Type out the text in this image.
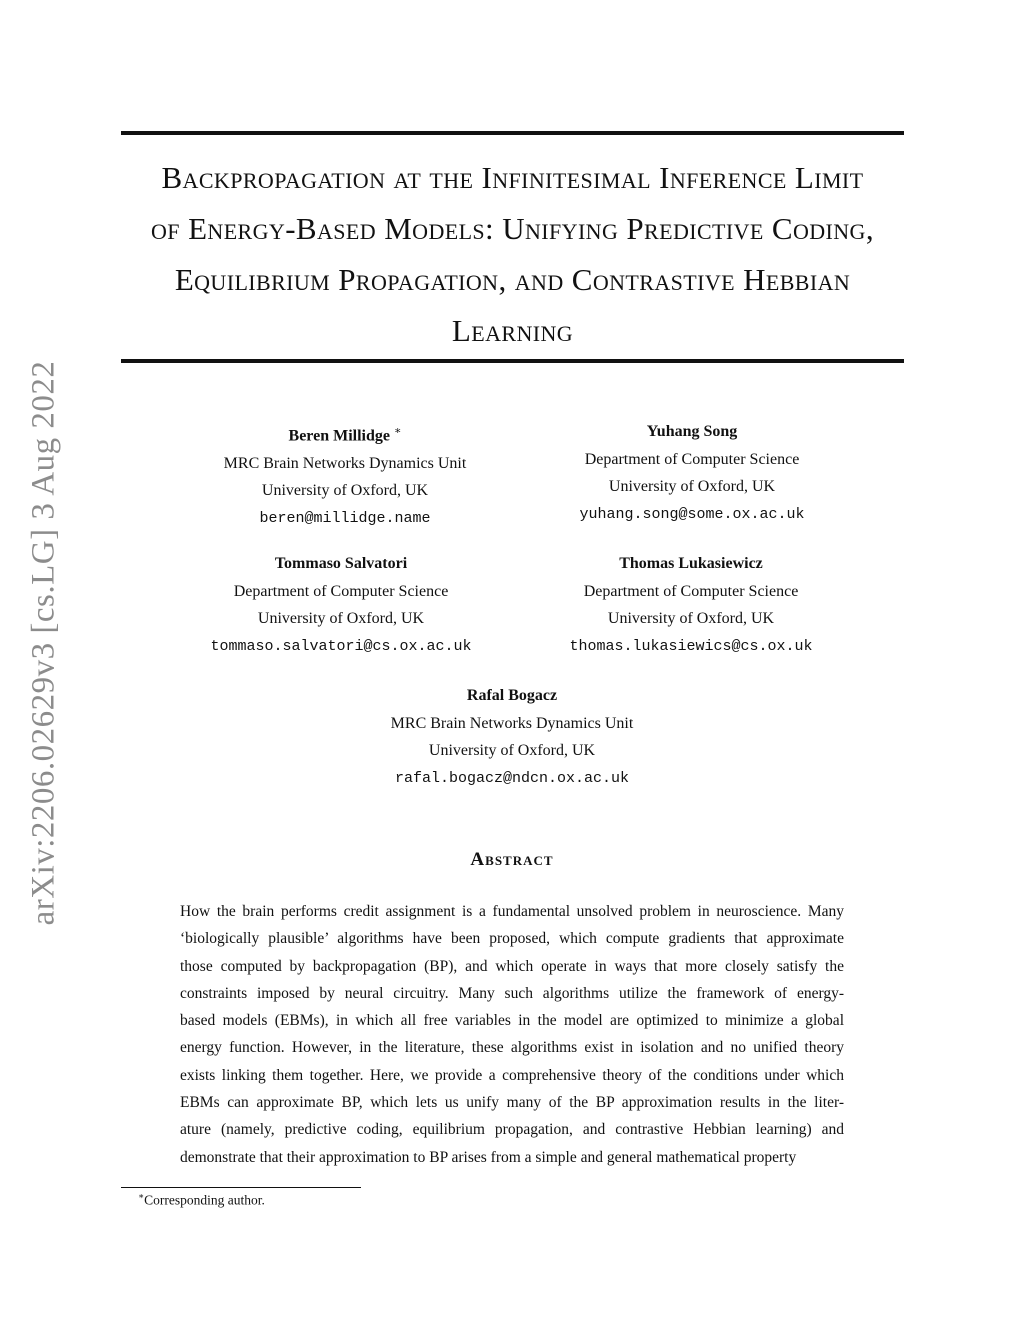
arXiv:2206.02629v3 [cs.LG] 3 Aug 2022
Backpropagation at the Infinitesimal Inference Limit
of Energy-Based Models: Unifying Predictive Coding,
Equilibrium Propagation, and Contrastive Hebbian
Learning
Beren Millidge ∗
MRC Brain Networks Dynamics Unit
University of Oxford, UK
beren@millidge.name
Yuhang Song
Department of Computer Science
University of Oxford, UK
yuhang.song@some.ox.ac.uk
Tommaso Salvatori
Department of Computer Science
University of Oxford, UK
tommaso.salvatori@cs.ox.ac.uk
Thomas Lukasiewicz
Department of Computer Science
University of Oxford, UK
thomas.lukasiewics@cs.ox.uk
Rafal Bogacz
MRC Brain Networks Dynamics Unit
University of Oxford, UK
rafal.bogacz@ndcn.ox.ac.uk
Abstract
How the brain performs credit assignment is a fundamental unsolved problem in neuroscience. Many
‘biologically plausible’ algorithms have been proposed, which compute gradients that approximate
those computed by backpropagation (BP), and which operate in ways that more closely satisfy the
constraints imposed by neural circuitry. Many such algorithms utilize the framework of energy-
based models (EBMs), in which all free variables in the model are optimized to minimize a global
energy function. However, in the literature, these algorithms exist in isolation and no unified theory
exists linking them together. Here, we provide a comprehensive theory of the conditions under which
EBMs can approximate BP, which lets us unify many of the BP approximation results in the liter-
ature (namely, predictive coding, equilibrium propagation, and contrastive Hebbian learning) and
demonstrate that their approximation to BP arises from a simple and general mathematical property
∗Corresponding author.
